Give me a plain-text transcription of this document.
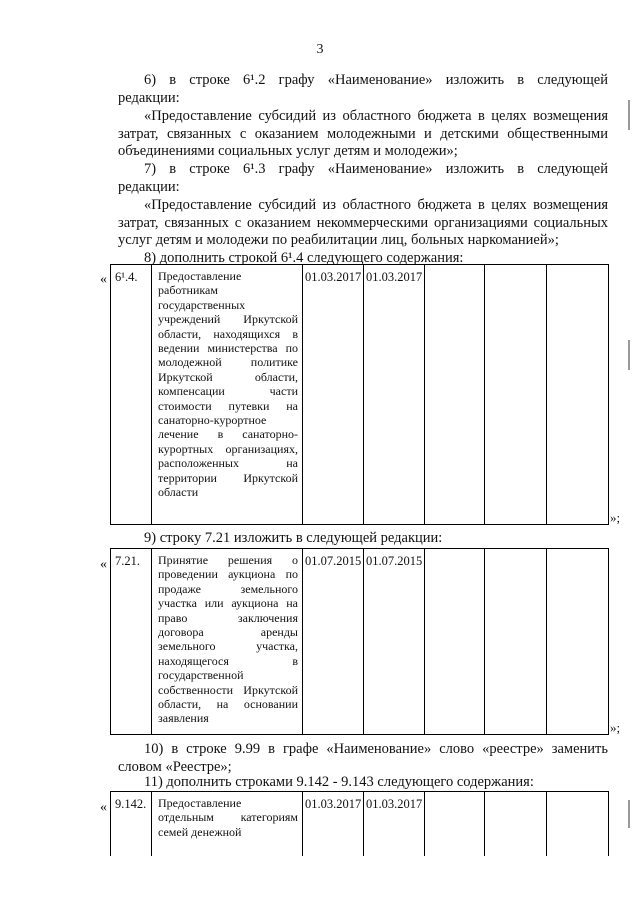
3

6) в строке 6¹.2 графу «Наименование» изложить в следующей

редакции:

«Предоставление субсидий из областного бюджета в целях возмещения затрат, связанных с оказанием молодежными и детскими общественными объединениями социальных услуг детям и молодежи»;

7) в строке 6¹.3 графу «Наименование» изложить в следующей

редакции:

«Предоставление субсидий из областного бюджета в целях возмещения затрат, связанных с оказанием некоммерческими организациями социальных услуг детям и молодежи по реабилитации лиц, больных наркоманией»;

8) дополнить строкой 6¹.4 следующего содержания:

« 6¹.4.	Предоставление работникам государственных учреждений Иркутской области, находящихся в ведении министерства по молодежной политике Иркутской области, компенсации части стоимости путевки на санаторно-курортное лечение в санаторно-курортных организациях, расположенных на территории Иркутской области	01.03.2017	01.03.2017			
»;

9) строку 7.21 изложить в следующей редакции:

« 7.21.	Принятие решения о проведении аукциона по продаже земельного участка или аукциона на право заключения договора аренды земельного участка, находящегося в государственной собственности Иркутской области, на основании заявления	01.07.2015	01.07.2015			
»;

10) в строке 9.99 в графе «Наименование» слово «реестре» заменить

словом «Реестре»;

11) дополнить строками 9.142 - 9.143 следующего содержания:

« 9.142.	Предоставление отдельным категориям семей денежной	01.03.2017	01.03.2017			
